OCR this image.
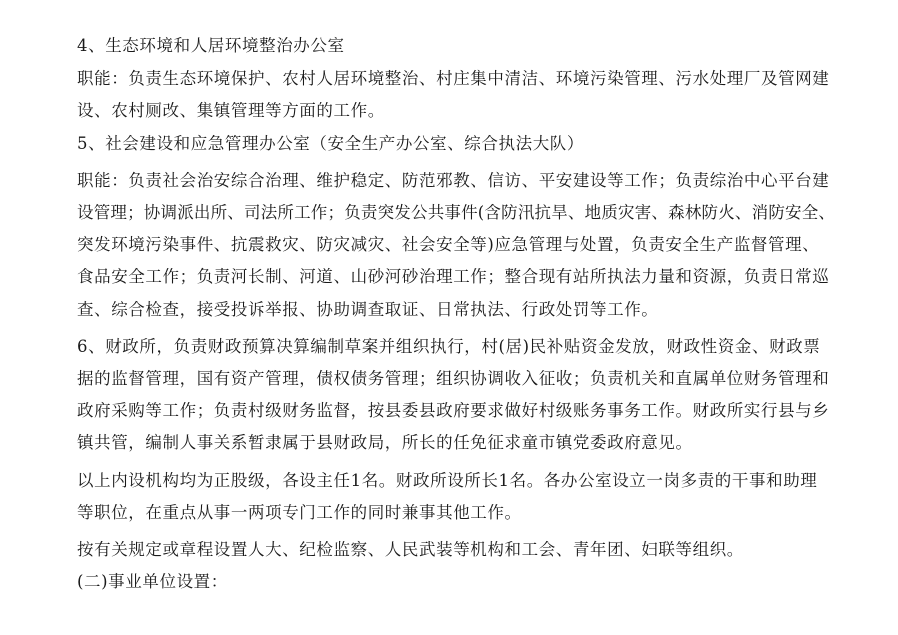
4、生态环境和人居环境整治办公室
职能：负责生态环境保护、农村人居环境整治、村庄集中清洁、环境污染管理、污水处理厂及管网建
设、农村厕改、集镇管理等方面的工作。
5、社会建设和应急管理办公室（安全生产办公室、综合执法大队）
职能：负责社会治安综合治理、维护稳定、防范邪教、信访、平安建设等工作；负责综治中心平台建
设管理；协调派出所、司法所工作；负责突发公共事件(含防汛抗旱、地质灾害、森林防火、消防安全、
突发环境污染事件、抗震救灾、防灾减灾、社会安全等)应急管理与处置，负责安全生产监督管理、
食品安全工作；负责河长制、河道、山砂河砂治理工作；整合现有站所执法力量和资源，负责日常巡
查、综合检查，接受投诉举报、协助调查取证、日常执法、行政处罚等工作。
6、财政所，负责财政预算决算编制草案并组织执行，村(居)民补贴资金发放，财政性资金、财政票
据的监督管理，国有资产管理，债权债务管理；组织协调收入征收；负责机关和直属单位财务管理和
政府采购等工作；负责村级财务监督，按县委县政府要求做好村级账务事务工作。财政所实行县与乡
镇共管，编制人事关系暂隶属于县财政局，所长的任免征求童市镇党委政府意见。
以上内设机构均为正股级，各设主任1名。财政所设所长1名。各办公室设立一岗多责的干事和助理
等职位，在重点从事一两项专门工作的同时兼事其他工作。
按有关规定或章程设置人大、纪检监察、人民武装等机构和工会、青年团、妇联等组织。
(二)事业单位设置：
